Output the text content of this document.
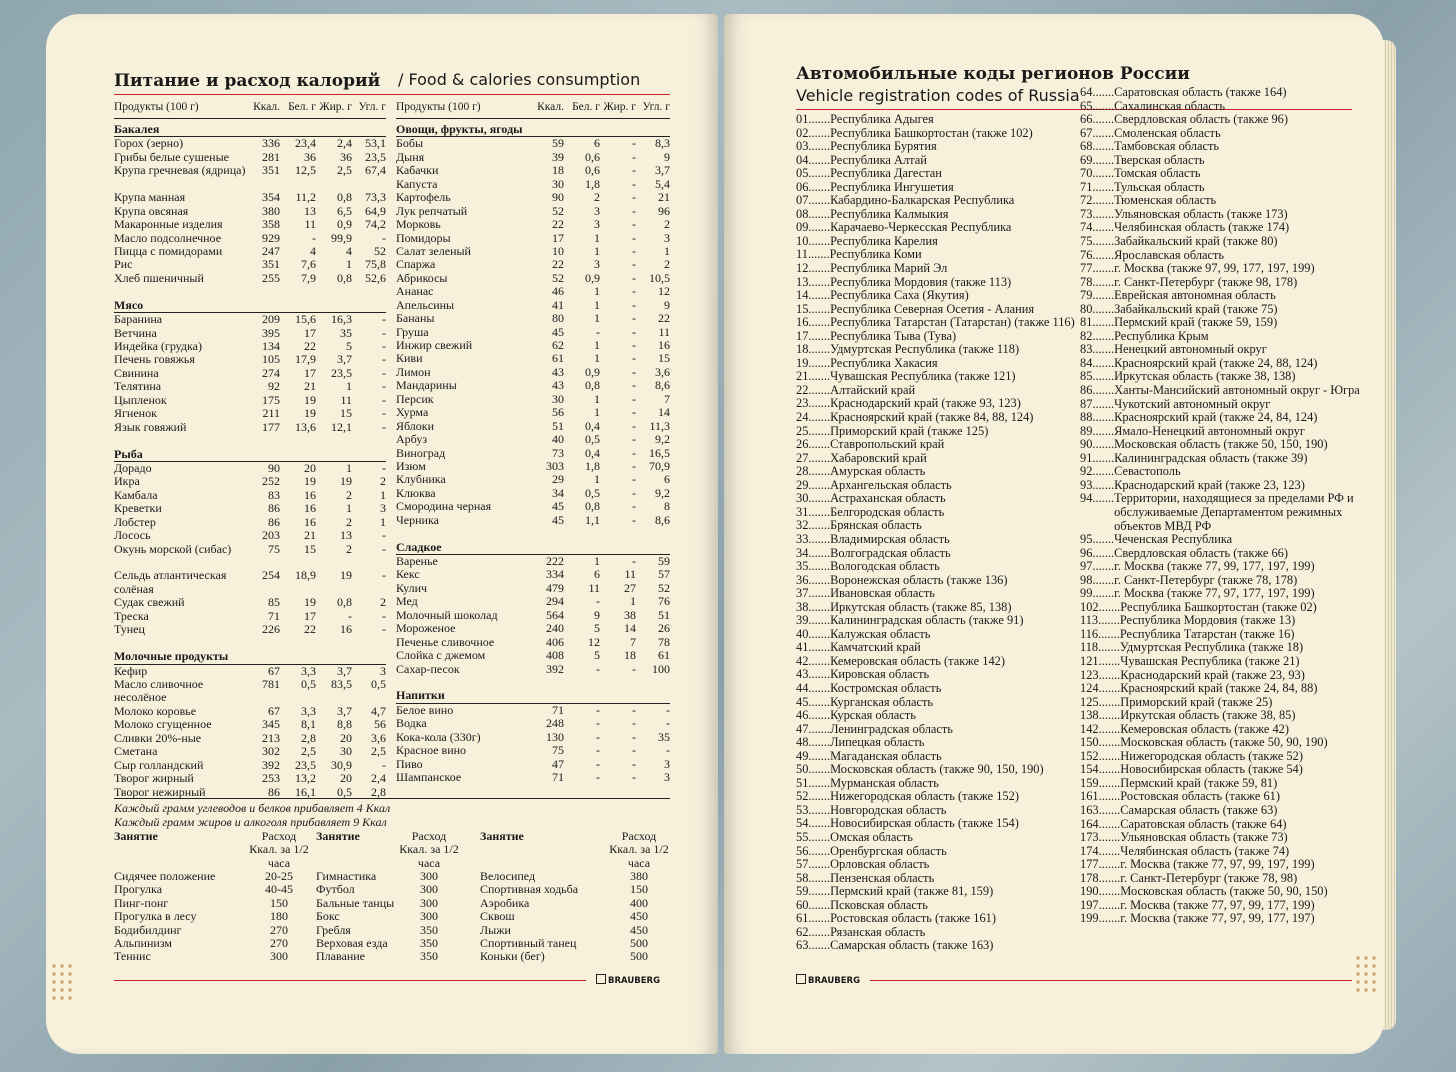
Питание и расход калорий / Food & calories consumption
Продукты (100 г)	Ккал. Бел. г Жир. г Угл. г
Бакалея
Горох (зерно)	336	23,4	2,4	53,1
Грибы белые сушеные	281	36	36	23,5
Крупа гречневая (ядрица)	351	12,5	2,5	67,4
Крупа манная	354	11,2	0,8	73,3
Крупа овсяная	380	13	6,5	64,9
Макаронные изделия	358	11	0,9	74,2
Масло подсолнечное	929	-	99,9	-
Пицца с помидорами	247	4	4	52
Рис	351	7,6	1	75,8
Хлеб пшеничный	255	7,9	0,8	52,6
Мясо
Баранина	209	15,6	16,3	-
Ветчина	395	17	35	-
Индейка (грудка)	134	22	5	-
Печень говяжья	105	17,9	3,7	-
Свинина	274	17	23,5	-
Телятина	92	21	1	-
Цыпленок	175	19	11	-
Ягненок	211	19	15	-
Язык говяжий	177	13,6	12,1	-
Рыба
Дорадо	90	20	1	-
Икра	252	19	19	2
Камбала	83	16	2	1
Креветки	86	16	1	3
Лобстер	86	16	2	1
Лосось	203	21	13	-
Окунь морской (сибас)	75	15	2	-
Сельдь атлантическая солёная
254	18,9	19	-
Судак свежий	85	19	0,8	2
Треска	71	17	-	-
Тунец	226	22	16	-
Молочные продукты
Кефир	67	3,3	3,7	3
Масло сливочное несолёное
781	0,5	83,5	0,5
Молоко коровье	67	3,3	3,7	4,7
Молоко сгущенное	345	8,1	8,8	56
Сливки 20%-ные	213	2,8	20	3,6
Сметана	302	2,5	30	2,5
Сыр голландский	392	23,5	30,9	-
Творог жирный	253	13,2	20	2,4
Творог нежирный	86	16,1	0,5	2,8
Продукты (100 г)	Ккал. Бел. г Жир. г Угл. г
Овощи, фрукты, ягоды
Бобы	59	6	-	8,3
Дыня	39	0,6	-	9
Кабачки	18	0,6	-	3,7
Капуста	30	1,8	-	5,4
Картофель	90	2	-	21
Лук репчатый	52	3	-	96
Морковь	22	3	-	2
Помидоры	17	1	-	3
Салат зеленый	10	1	-	1
Спаржа	22	3	-	2
Абрикосы	52	0,9	-	10,5
Ананас	46	1	-	12
Апельсины	41	1	-	9
Бананы	80	1	-	22
Груша	45	-	-	11
Инжир свежий	62	1	-	16
Киви	61	1	-	15
Лимон	43	0,9	-	3,6
Мандарины	43	0,8	-	8,6
Персик	30	1	-	7
Хурма	56	1	-	14
Яблоки	51	0,4	-	11,3
Арбуз	40	0,5	-	9,2
Виноград	73	0,4	-	16,5
Изюм	303	1,8	-	70,9
Клубника	29	1	-	6
Клюква	34	0,5	-	9,2
Смородина черная	45	0,8	-	8
Черника	45	1,1	-	8,6
Сладкое
Варенье	222	1	-	59
Кекс	334	6	11	57
Кулич	479	11	27	52
Мед	294	-	1	76
Молочный шоколад	564	9	38	51
Мороженое	240	5	14	26
Печенье сливочное	406	12	7	78
Слойка с джемом	408	5	18	61
Сахар-песок	392	-	-	100
Напитки
Белое вино	71	-	-	-
Водка	248	-	-	-
Кока-кола (330г)	130	-	-	35
Красное вино	75	-	-	-
Пиво	47	-	-	3
Шампанское	71	-	-	3
Каждый грамм углеводов и белков прибавляет 4 Ккал
Каждый грамм жиров и алкоголя прибавляет 9 Ккал
Занятие	Расход Ккал. за 1/2 часа
Сидячее положение	20-25
Прогулка	40-45
Пинг-понг	150
Прогулка в лесу	180
Бодибилдинг	270
Альпинизм	270
Теннис	300
Занятие	Расход Ккал. за 1/2 часа
Гимнастика	300
Футбол	300
Бальные танцы	300
Бокс	300
Гребля	350
Верховая езда	350
Плавание	350
Занятие	Расход Ккал. за 1/2 часа
Велосипед	380
Спортивная ходьба	150
Аэробика	400
Сквош	450
Лыжи	450
Спортивный танец	500
Коньки (бег)	500
BRAUBERG
Автомобильные коды регионов России
Vehicle registration codes of Russia
01....... Республика Адыгея
02....... Республика Башкортостан (также 102)
03....... Республика Бурятия
04....... Республика Алтай
05....... Республика Дагестан
06....... Республика Ингушетия
07....... Кабардино-Балкарская Республика
08....... Республика Калмыкия
09....... Карачаево-Черкесская Республика
10....... Республика Карелия
11....... Республика Коми
12....... Республика Марий Эл
13....... Республика Мордовия (также 113)
14....... Республика Саха (Якутия)
15....... Республика Северная Осетия - Алания
16....... Республика Татарстан (Татарстан) (также 116)
17....... Республика Тыва (Тува)
18....... Удмуртская Республика (также 118)
19....... Республика Хакасия
21....... Чувашская Республика (также 121)
22....... Алтайский край
23....... Краснодарский край (также 93, 123)
24....... Красноярский край (также 84, 88, 124)
25....... Приморский край (также 125)
26....... Ставропольский край
27....... Хабаровский край
28....... Амурская область
29....... Архангельская область
30....... Астраханская область
31....... Белгородская область
32....... Брянская область
33....... Владимирская область
34....... Волгоградская область
35....... Вологодская область
36....... Воронежская область (также 136)
37....... Ивановская область
38....... Иркутская область (также 85, 138)
39....... Калининградская область (также 91)
40....... Калужская область
41....... Камчатский край
42....... Кемеровская область (также 142)
43....... Кировская область
44....... Костромская область
45....... Курганская область
46....... Курская область
47....... Ленинградская область
48....... Липецкая область
49....... Магаданская область
50....... Московская область (также 90, 150, 190)
51....... Мурманская область
52....... Нижегородская область (также 152)
53....... Новгородская область
54....... Новосибирская область (также 154)
55....... Омская область
56....... Оренбургская область
57....... Орловская область
58....... Пензенская область
59....... Пермский край (также 81, 159)
60....... Псковская область
61....... Ростовская область (также 161)
62....... Рязанская область
63....... Самарская область (также 163)
64....... Саратовская область (также 164)
65....... Сахалинская область
66....... Свердловская область (также 96)
67....... Смоленская область
68....... Тамбовская область
69....... Тверская область
70....... Томская область
71....... Тульская область
72....... Тюменская область
73....... Ульяновская область (также 173)
74....... Челябинская область (также 174)
75....... Забайкальский край (также 80)
76....... Ярославская область
77....... г. Москва (также 97, 99, 177, 197, 199)
78....... г. Санкт-Петербург (также 98, 178)
79....... Еврейская автономная область
80....... Забайкальский край (также 75)
81....... Пермский край (также 59, 159)
82....... Республика Крым
83....... Ненецкий автономный округ
84....... Красноярский край (также 24, 88, 124)
85....... Иркутская область (также 38, 138)
86....... Ханты-Мансийский автономный округ - Югра
87....... Чукотский автономный округ
88....... Красноярский край (также 24, 84, 124)
89....... Ямало-Ненецкий автономный округ
90....... Московская область (также 50, 150, 190)
91....... Калининградская область (также 39)
92....... Севастополь
93....... Краснодарский край (также 23, 123)
94....... Территории, находящиеся за пределами РФ и обслуживаемые Департаментом режимных объектов МВД РФ
95....... Чеченская Республика
96....... Свердловская область (также 66)
97....... г. Москва (также 77, 99, 177, 197, 199)
98....... г. Санкт-Петербург (также 78, 178)
99....... г. Москва (также 77, 97, 177, 197, 199)
102....... Республика Башкортостан (также 02)
113....... Республика Мордовия (также 13)
116....... Республика Татарстан (также 16)
118....... Удмуртская Республика (также 18)
121....... Чувашская Республика (также 21)
123....... Краснодарский край (также 23, 93)
124....... Красноярский край (также 24, 84, 88)
125....... Приморский край (также 25)
138....... Иркутская область (также 38, 85)
142....... Кемеровская область (также 42)
150....... Московская область (также 50, 90, 190)
152....... Нижегородская область (также 52)
154....... Новосибирская область (также 54)
159....... Пермский край (также 59, 81)
161....... Ростовская область (также 61)
163....... Самарская область (также 63)
164....... Саратовская область (также 64)
173....... Ульяновская область (также 73)
174....... Челябинская область (также 74)
177....... г. Москва (также 77, 97, 99, 197, 199)
178....... г. Санкт-Петербург (также 78, 98)
190....... Московская область (также 50, 90, 150)
197....... г. Москва (также 77, 97, 99, 177, 199)
199....... г. Москва (также 77, 97, 99, 177, 197)
BRAUBERG
